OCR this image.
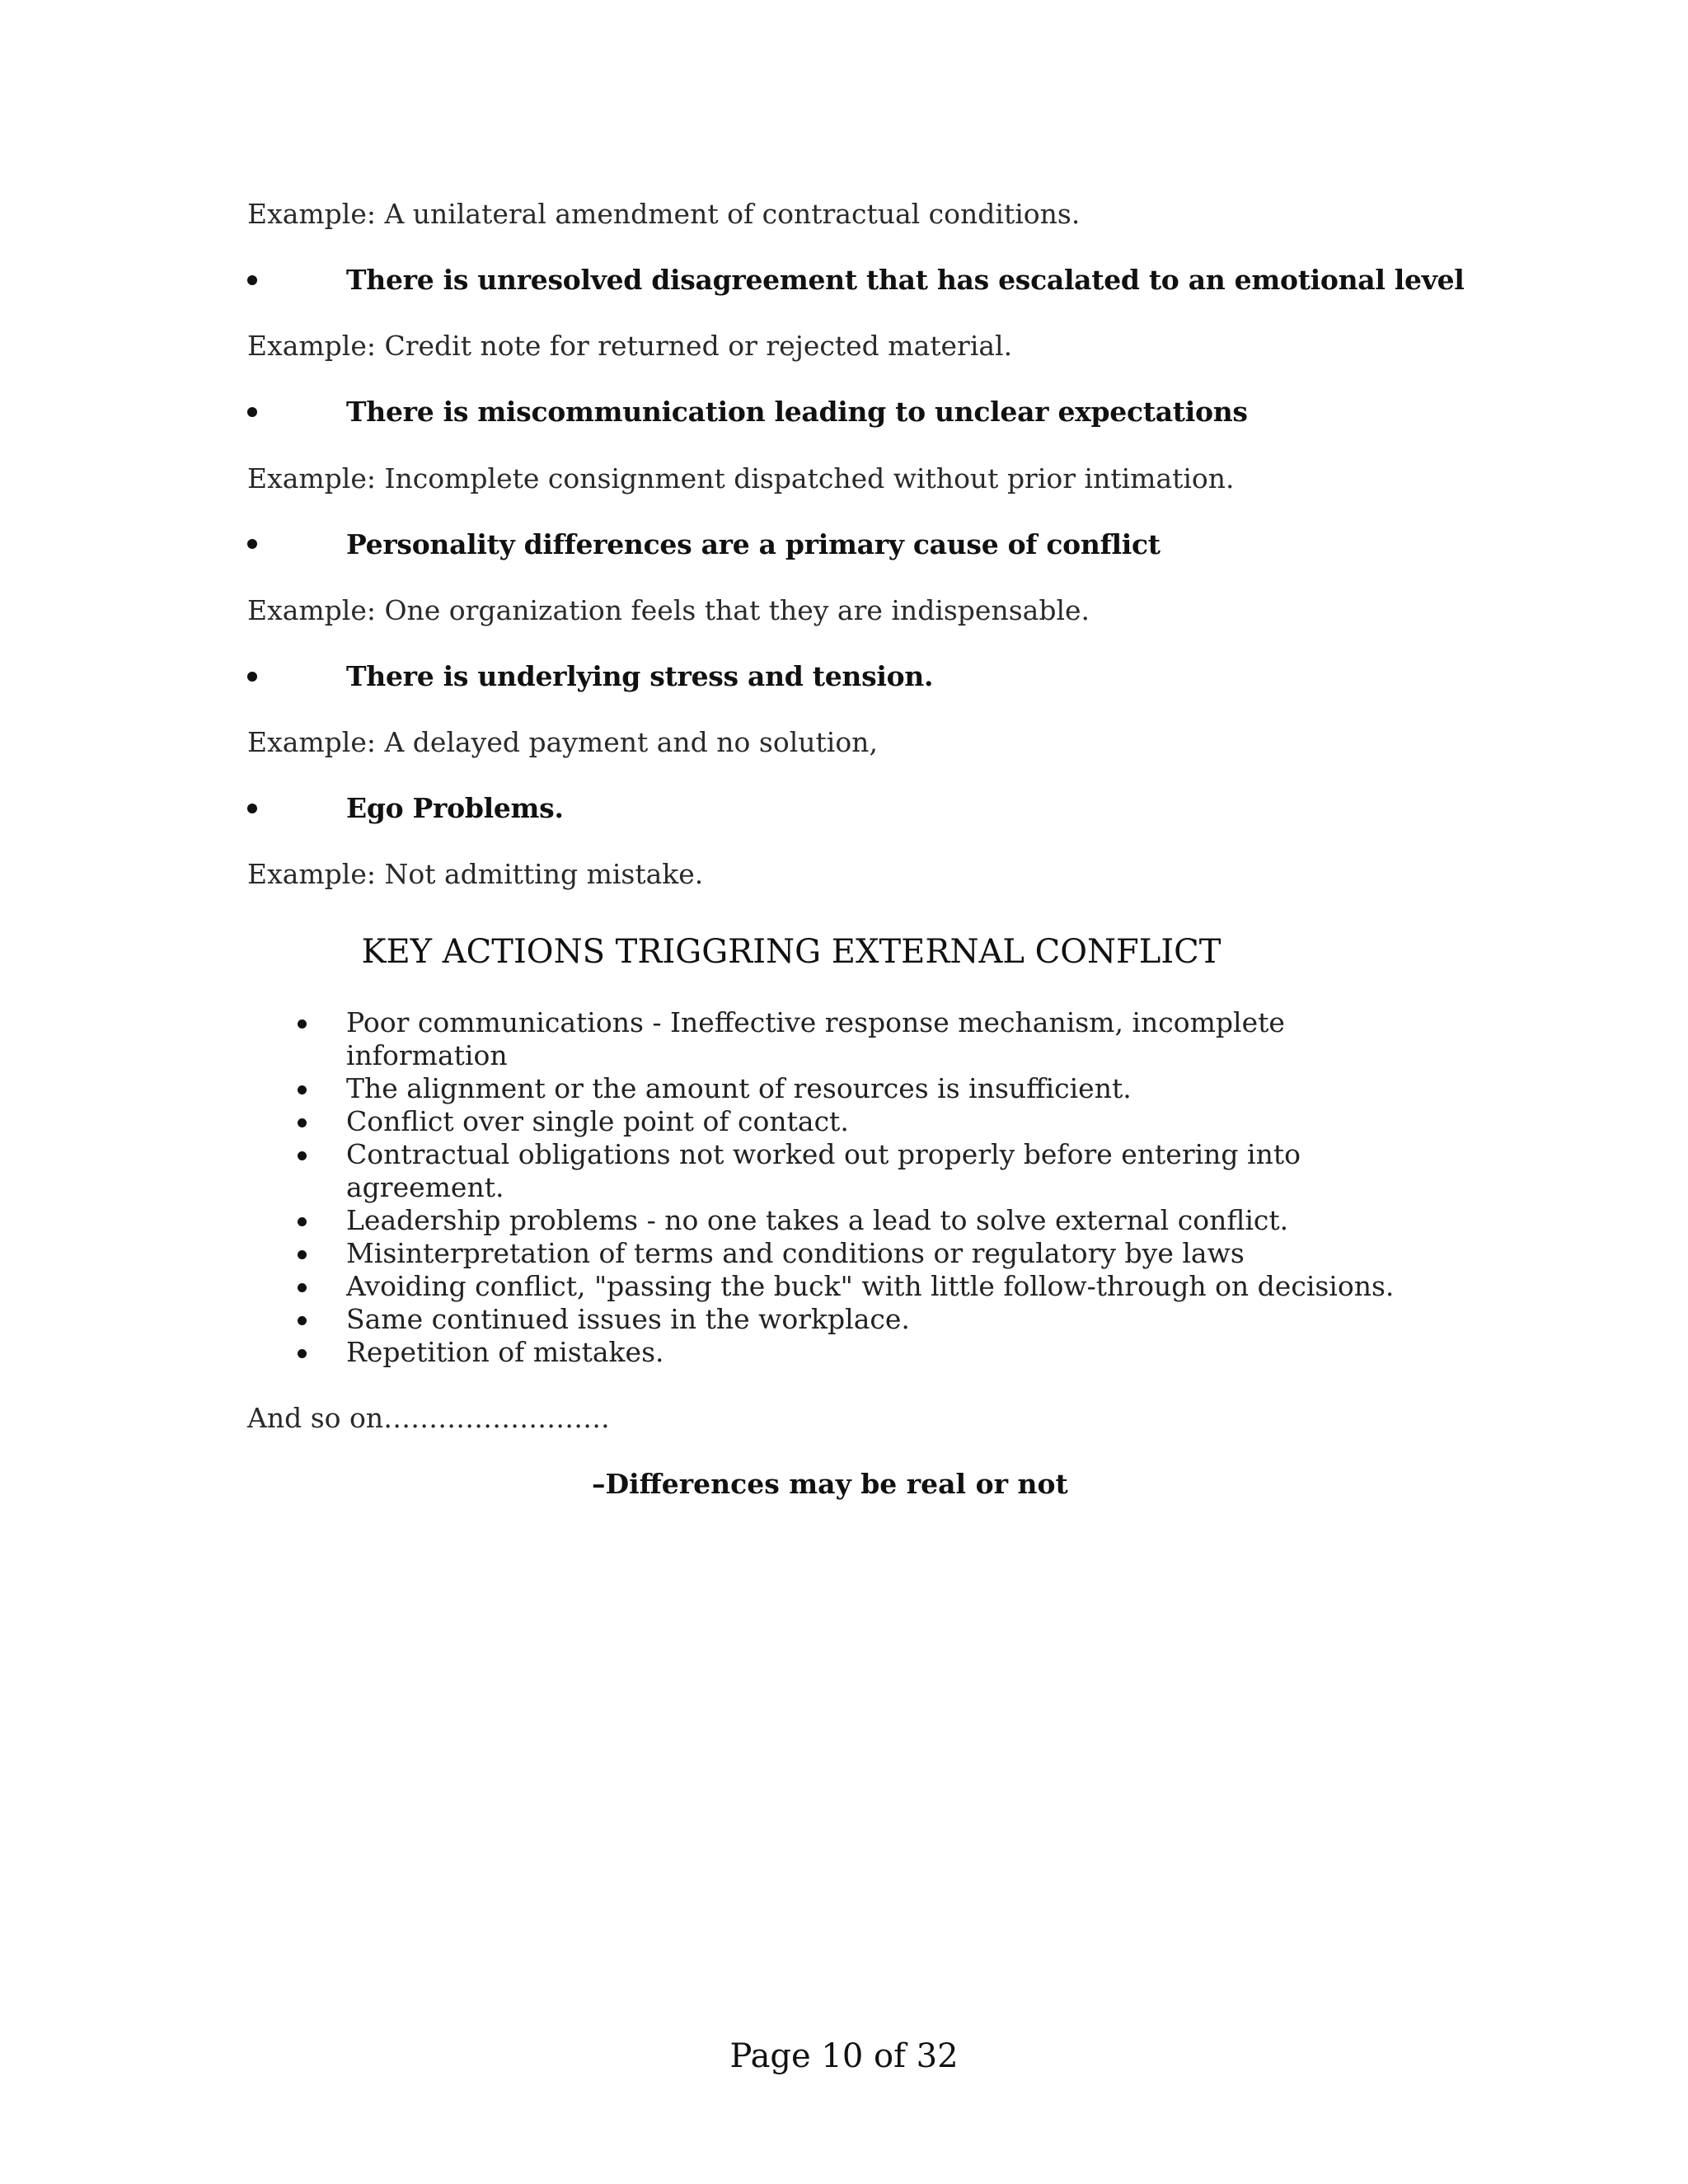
Example: A unilateral amendment of contractual conditions.
There is unresolved disagreement that has escalated to an emotional level
Example: Credit note for returned or rejected material.
There is miscommunication leading to unclear expectations
Example: Incomplete consignment dispatched without prior intimation.
Personality differences are a primary cause of conflict
Example: One organization feels that they are indispensable.
There is underlying stress and tension.
Example: A delayed payment and no solution,
Ego Problems.
Example: Not admitting mistake.
KEY ACTIONS TRIGGRING EXTERNAL CONFLICT
Poor communications - Ineffective response mechanism, incomplete information
The alignment or the amount of resources is insufficient.
Conflict over single point of contact.
Contractual obligations not worked out properly before entering into agreement.
Leadership problems - no one takes a lead to solve external conflict.
Misinterpretation of terms and conditions or regulatory bye laws
Avoiding conflict, "passing the buck" with little follow-through on decisions.
Same continued issues in the workplace.
Repetition of mistakes.
And so on…………………….
–Differences may be real or not
Page 10 of 32
